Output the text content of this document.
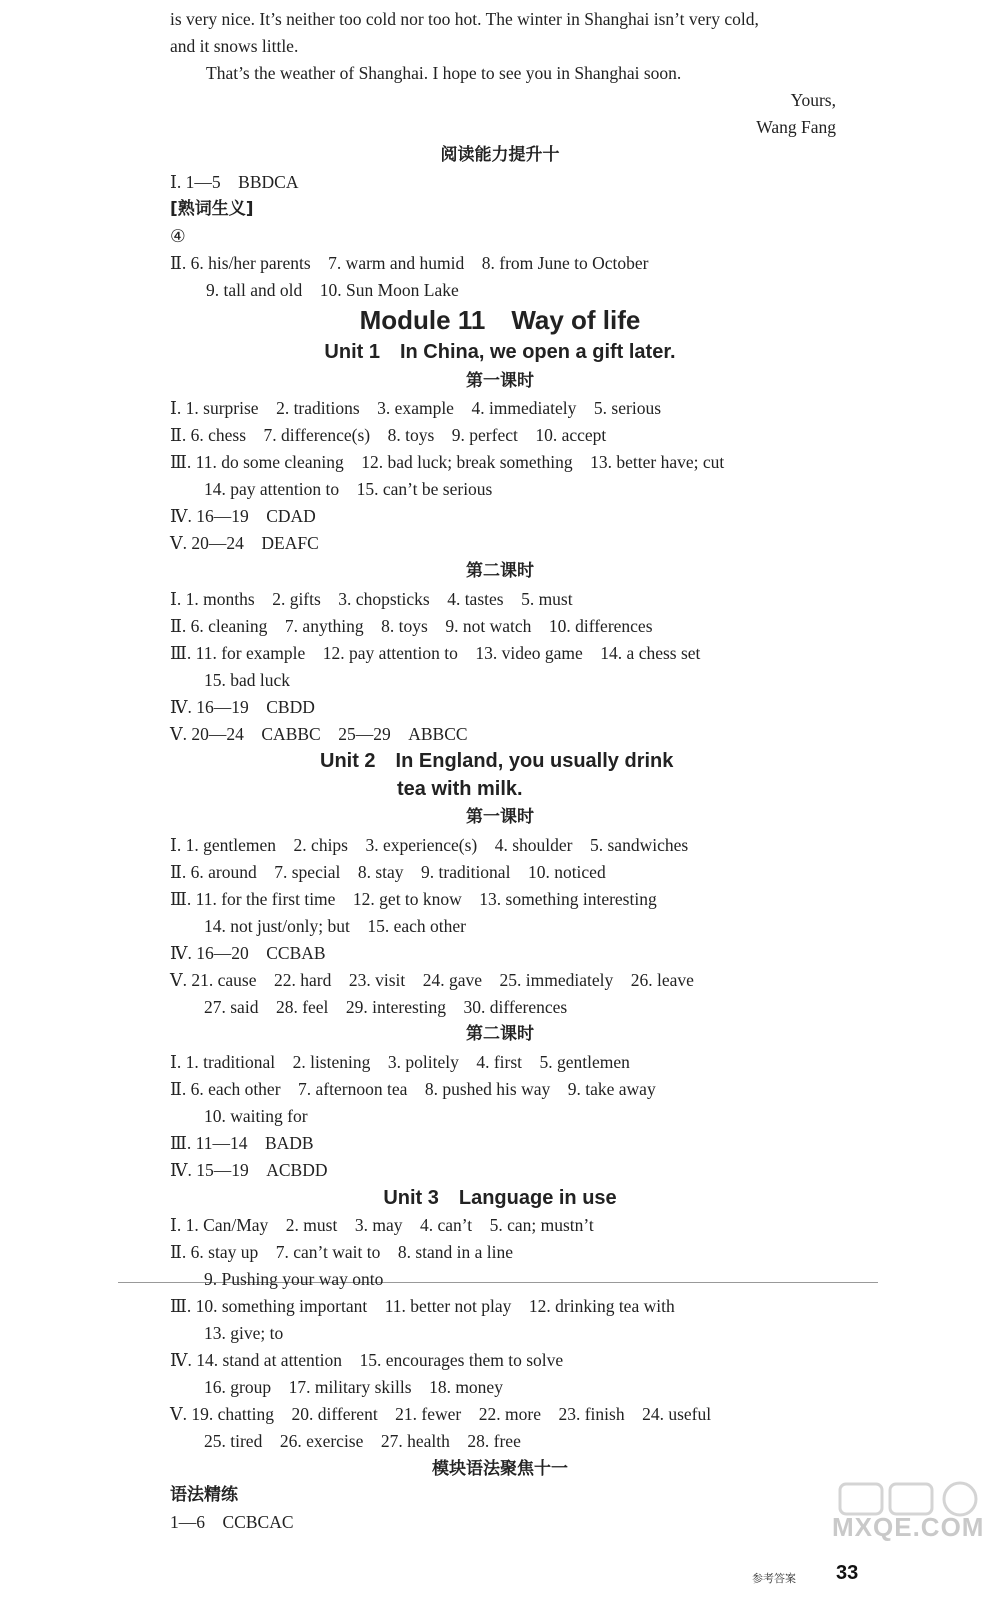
is very nice. It’s neither too cold nor too hot. The winter in Shanghai isn’t very cold,
and it snows little.
That’s the weather of Shanghai. I hope to see you in Shanghai soon.
Yours,
Wang Fang
阅读能力提升十
Ⅰ. 1—5　BBDCA
[熟词生义]
④
Ⅱ. 6. his/her parents　7. warm and humid　8. from June to October
9. tall and old　10. Sun Moon Lake
Module 11　Way of life
Unit 1　In China, we open a gift later.
第一课时
Ⅰ. 1. surprise　2. traditions　3. example　4. immediately　5. serious
Ⅱ. 6. chess　7. difference(s)　8. toys　9. perfect　10. accept
Ⅲ. 11. do some cleaning　12. bad luck; break something　13. better have; cut
14. pay attention to　15. can’t be serious
Ⅳ. 16—19　CDAD
Ⅴ. 20—24　DEAFC
第二课时
Ⅰ. 1. months　2. gifts　3. chopsticks　4. tastes　5. must
Ⅱ. 6. cleaning　7. anything　8. toys　9. not watch　10. differences
Ⅲ. 11. for example　12. pay attention to　13. video game　14. a chess set
15. bad luck
Ⅳ. 16—19　CBDD
Ⅴ. 20—24　CABBC　25—29　ABBCC
Unit 2　In England, you usually drink
tea with milk.
第一课时
Ⅰ. 1. gentlemen　2. chips　3. experience(s)　4. shoulder　5. sandwiches
Ⅱ. 6. around　7. special　8. stay　9. traditional　10. noticed
Ⅲ. 11. for the first time　12. get to know　13. something interesting
14. not just/only; but　15. each other
Ⅳ. 16—20　CCBAB
Ⅴ. 21. cause　22. hard　23. visit　24. gave　25. immediately　26. leave
27. said　28. feel　29. interesting　30. differences
第二课时
Ⅰ. 1. traditional　2. listening　3. politely　4. first　5. gentlemen
Ⅱ. 6. each other　7. afternoon tea　8. pushed his way　9. take away
10. waiting for
Ⅲ. 11—14　BADB
Ⅳ. 15—19　ACBDD
Unit 3　Language in use
Ⅰ. 1. Can/May　2. must　3. may　4. can’t　5. can; mustn’t
Ⅱ. 6. stay up　7. can’t wait to　8. stand in a line
9. Pushing your way onto
Ⅲ. 10. something important　11. better not play　12. drinking tea with
13. give; to
Ⅳ. 14. stand at attention　15. encourages them to solve
16. group　17. military skills　18. money
Ⅴ. 19. chatting　20. different　21. fewer　22. more　23. finish　24. useful
25. tired　26. exercise　27. health　28. free
模块语法聚焦十一
语法精练
1—6　CCBCAC	MXQE.COM
参考答案 33
